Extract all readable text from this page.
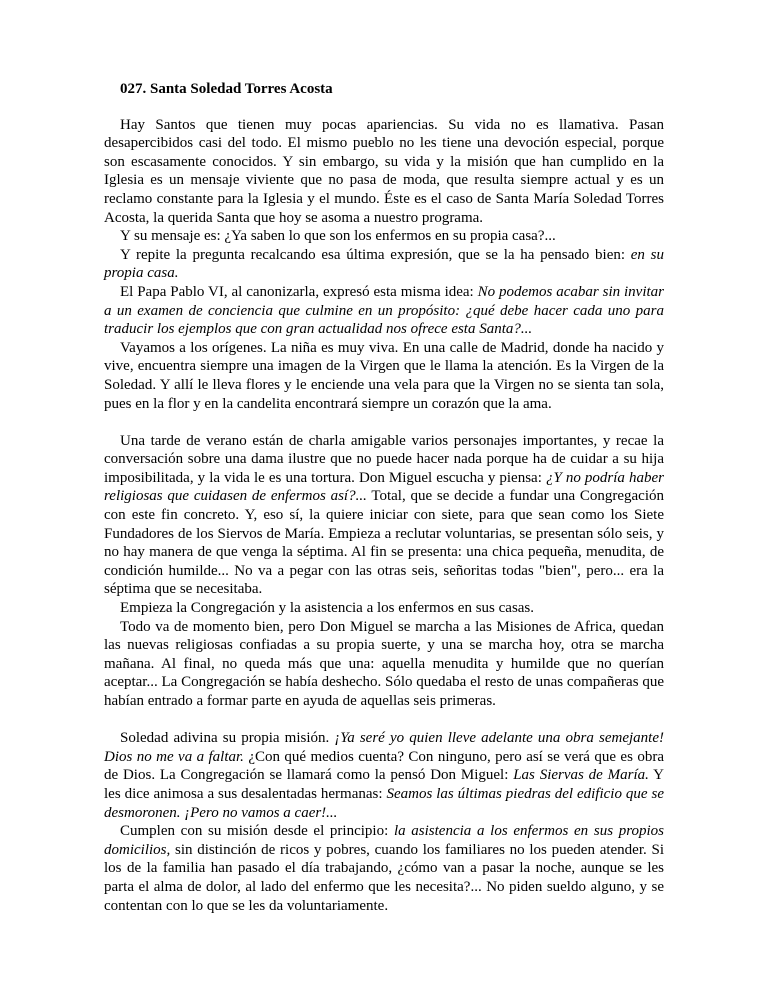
027. Santa Soledad Torres Acosta

Hay Santos que tienen muy pocas apariencias. Su vida no es llamativa. Pasan desapercibidos casi del todo. El mismo pueblo no les tiene una devoción especial, porque son escasamente conocidos. Y sin embargo, su vida y la misión que han cumplido en la Iglesia es un mensaje viviente que no pasa de moda, que resulta siempre actual y es un reclamo constante para la Iglesia y el mundo. Éste es el caso de Santa María Soledad Torres Acosta, la querida Santa que hoy se asoma a nuestro programa.

Y su mensaje es: ¿Ya saben lo que son los enfermos en su propia casa?...

Y repite la pregunta recalcando esa última expresión, que se la ha pensado bien: en su propia casa.

El Papa Pablo VI, al canonizarla, expresó esta misma idea: No podemos acabar sin invitar a un examen de conciencia que culmine en un propósito: ¿qué debe hacer cada uno para traducir los ejemplos que con gran actualidad nos ofrece esta Santa?...

Vayamos a los orígenes. La niña es muy viva. En una calle de Madrid, donde ha nacido y vive, encuentra siempre una imagen de la Virgen que le llama la atención. Es la Virgen de la Soledad. Y allí le lleva flores y le enciende una vela para que la Virgen no se sienta tan sola, pues en la flor y en la candelita encontrará siempre un corazón que la ama.

Una tarde de verano están de charla amigable varios personajes importantes, y recae la conversación sobre una dama ilustre que no puede hacer nada porque ha de cuidar a su hija imposibilitada, y la vida le es una tortura. Don Miguel escucha y piensa: ¿Y no podría haber religiosas que cuidasen de enfermos así?... Total, que se decide a fundar una Congregación con este fin concreto. Y, eso sí, la quiere iniciar con siete, para que sean como los Siete Fundadores de los Siervos de María. Empieza a reclutar voluntarias, se presentan sólo seis, y no hay manera de que venga la séptima. Al fin se presenta: una chica pequeña, menudita, de condición humilde... No va a pegar con las otras seis, señoritas todas "bien", pero... era la séptima que se necesitaba.

Empieza la Congregación y la asistencia a los enfermos en sus casas.

Todo va de momento bien, pero Don Miguel se marcha a las Misiones de Africa, quedan las nuevas religiosas confiadas a su propia suerte, y una se marcha hoy, otra se marcha mañana. Al final, no queda más que una: aquella menudita y humilde que no querían aceptar... La Congregación se había deshecho. Sólo quedaba el resto de unas compañeras que habían entrado a formar parte en ayuda de aquellas seis primeras.

Soledad adivina su propia misión. ¡Ya seré yo quien lleve adelante una obra semejante! Dios no me va a faltar. ¿Con qué medios cuenta? Con ninguno, pero así se verá que es obra de Dios. La Congregación se llamará como la pensó Don Miguel: Las Siervas de María. Y les dice animosa a sus desalentadas hermanas: Seamos las últimas piedras del edificio que se desmoronen. ¡Pero no vamos a caer!...

Cumplen con su misión desde el principio: la asistencia a los enfermos en sus propios domicilios, sin distinción de ricos y pobres, cuando los familiares no los pueden atender. Si los de la familia han pasado el día trabajando, ¿cómo van a pasar la noche, aunque se les parta el alma de dolor, al lado del enfermo que les necesita?... No piden sueldo alguno, y se contentan con lo que se les da voluntariamente.
